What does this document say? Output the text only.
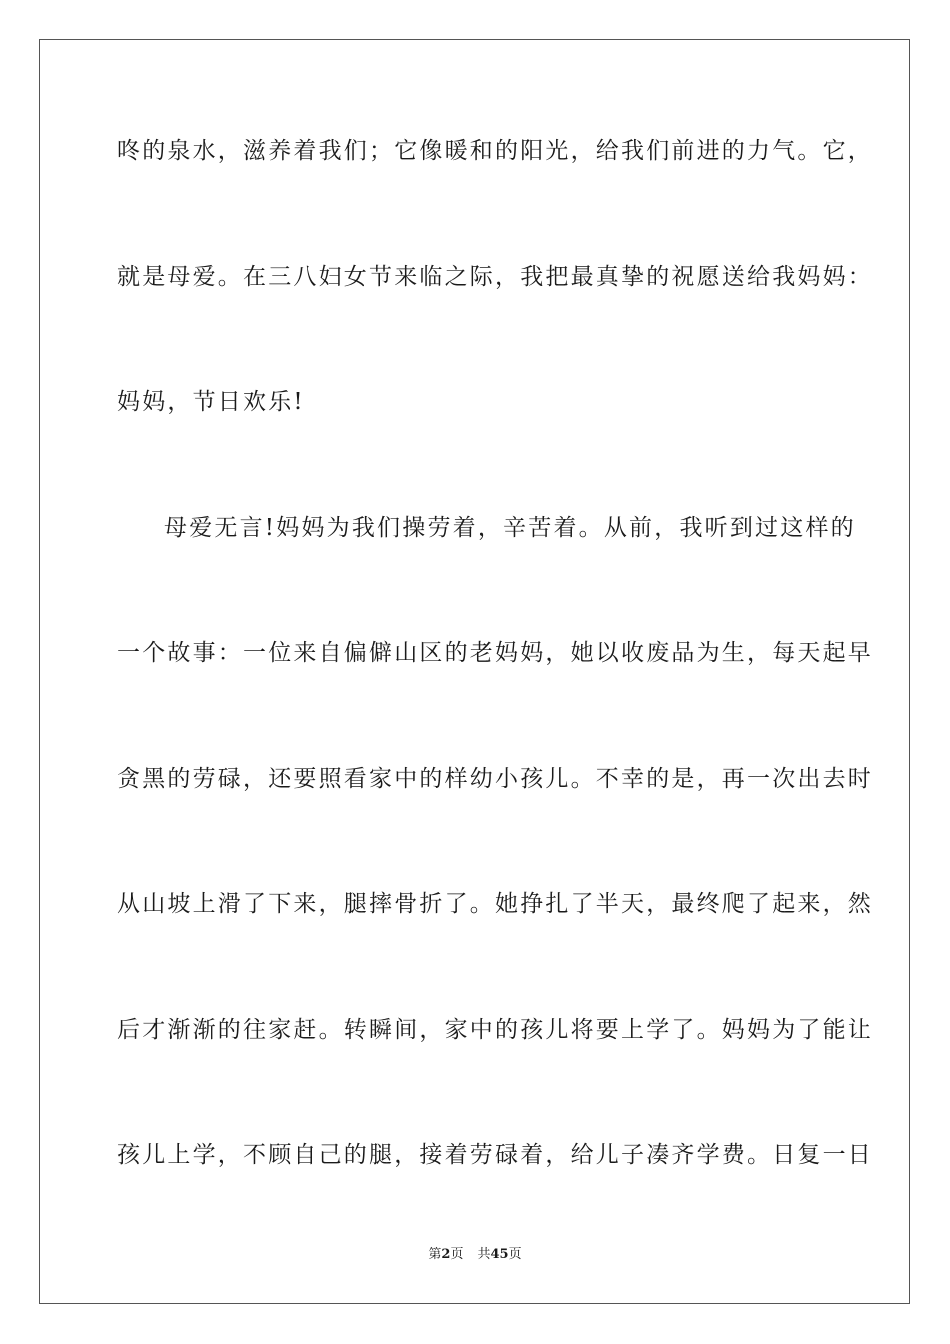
咚的泉水，滋养着我们；它像暖和的阳光，给我们前进的力气。它，
就是母爱。在三八妇女节来临之际，我把最真挚的祝愿送给我妈妈：
妈妈，节日欢乐!
母爱无言!妈妈为我们操劳着，辛苦着。从前，我听到过这样的
一个故事：一位来自偏僻山区的老妈妈，她以收废品为生，每天起早
贪黑的劳碌，还要照看家中的样幼小孩儿。不幸的是，再一次出去时
从山坡上滑了下来，腿摔骨折了。她挣扎了半天，最终爬了起来，然
后才渐渐的往家赶。转瞬间，家中的孩儿将要上学了。妈妈为了能让
孩儿上学，不顾自己的腿，接着劳碌着，给儿子凑齐学费。日复一日
第2页 共45页
